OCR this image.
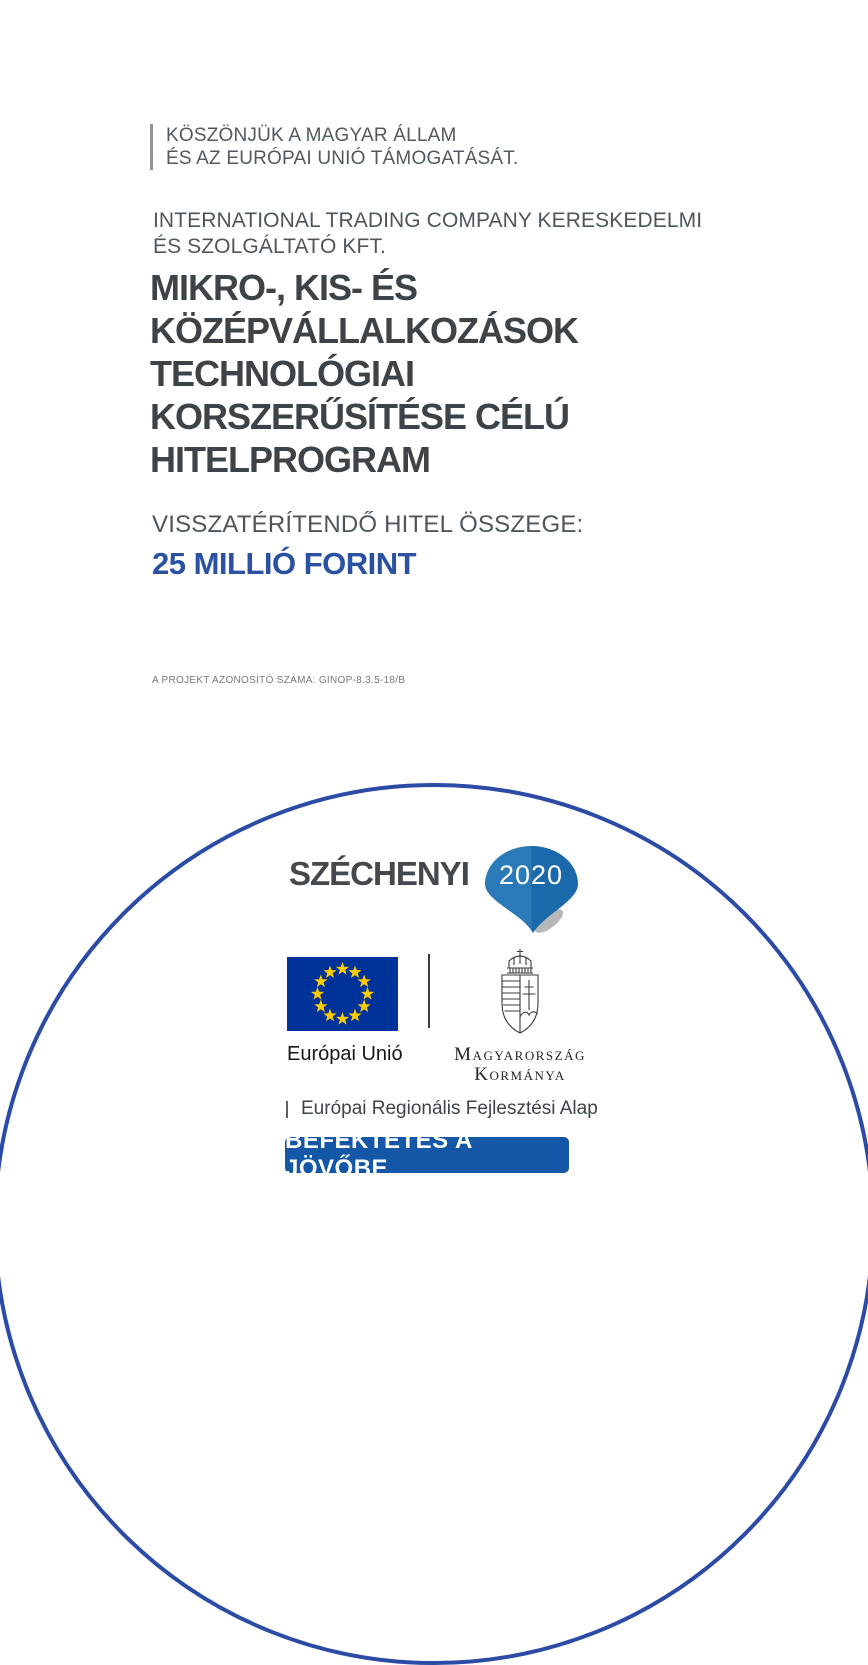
KÖSZÖNJÜK A MAGYAR ÁLLAM
ÉS AZ EURÓPAI UNIÓ TÁMOGATÁSÁT.
INTERNATIONAL TRADING COMPANY KERESKEDELMI
ÉS SZOLGÁLTATÓ KFT.
MIKRO-, KIS- ÉS
KÖZÉPVÁLLALKOZÁSOK
TECHNOLÓGIAI
KORSZERŰSÍTÉSE CÉLÚ
HITELPROGRAM
VISSZATÉRÍTENDŐ HITEL ÖSSZEGE:
25 MILLIÓ FORINT
A PROJEKT AZONOSÍTÓ SZÁMA: GINOP-8.3.5-18/B
SZÉCHENYI 2020
Európai Unió	Magyarország
Kormánya
Európai Regionális Fejlesztési Alap
BEFEKTETÉS A JÖVŐBE
